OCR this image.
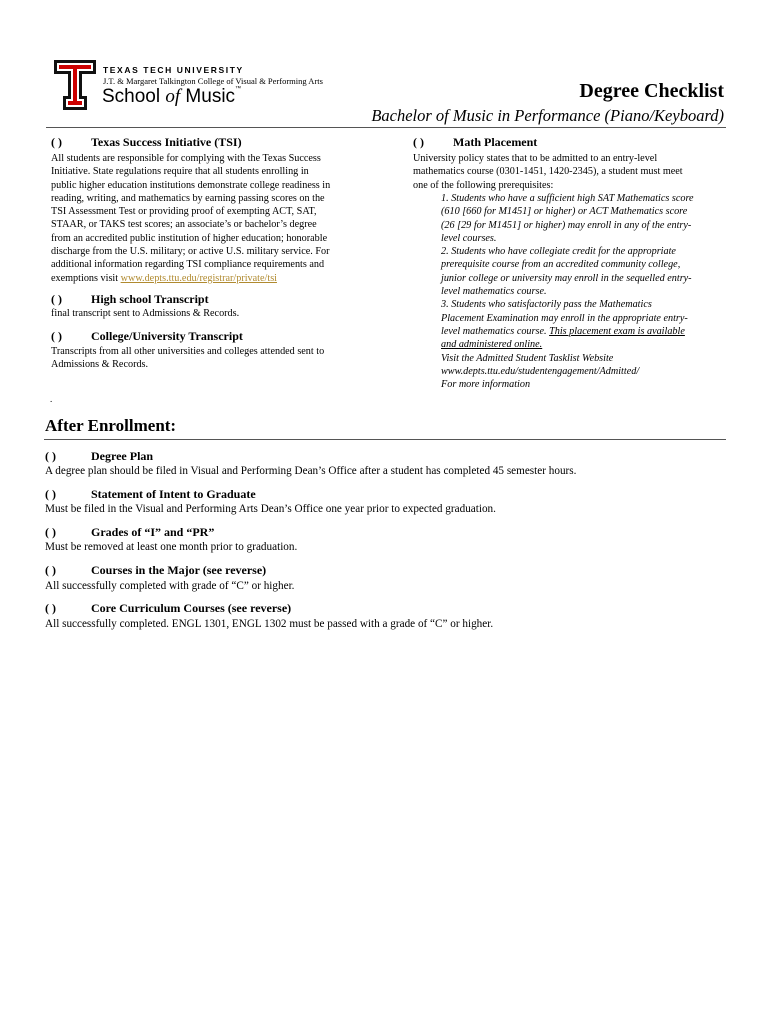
TEXAS TECH UNIVERSITY
J.T. & Margaret Talkington College of Visual & Performing Arts
School of Music™	Degree Checklist
Bachelor of Music in Performance (Piano/Keyboard)
( ) Texas Success Initiative (TSI)
All students are responsible for complying with the Texas Success
Initiative. State regulations require that all students enrolling in
public higher education institutions demonstrate college readiness in
reading, writing, and mathematics by earning passing scores on the
TSI Assessment Test or providing proof of exempting ACT, SAT,
STAAR, or TAKS test scores; an associate’s or bachelor’s degree
from an accredited public institution of higher education; honorable
discharge from the U.S. military; or active U.S. military service. For
additional information regarding TSI compliance requirements and
exemptions visit www.depts.ttu.edu/registrar/private/tsi
( ) High school Transcript
final transcript sent to Admissions & Records.
( ) College/University Transcript
Transcripts from all other universities and colleges attended sent to
Admissions & Records.
.
( ) Math Placement
University policy states that to be admitted to an entry-level
mathematics course (0301-1451, 1420-2345), a student must meet
one of the following prerequisites:
1. Students who have a sufficient high SAT Mathematics score
(610 [660 for M1451] or higher) or ACT Mathematics score
(26 [29 for M1451] or higher) may enroll in any of the entry-
level courses.
2. Students who have collegiate credit for the appropriate
prerequisite course from an accredited community college,
junior college or university may enroll in the sequelled entry-
level mathematics course.
3. Students who satisfactorily pass the Mathematics
Placement Examination may enroll in the appropriate entry-
level mathematics course. This placement exam is available
and administered online.
Visit the Admitted Student Tasklist Website
www.depts.ttu.edu/studentengagement/Admitted/
For more information
After Enrollment:
( )	Degree Plan
A degree plan should be filed in Visual and Performing Dean’s Office after a student has completed 45 semester hours.
( )	Statement of Intent to Graduate
Must be filed in the Visual and Performing Arts Dean’s Office one year prior to expected graduation.
( )	Grades of “I” and “PR”
Must be removed at least one month prior to graduation.
( )	Courses in the Major (see reverse)
All successfully completed with grade of “C” or higher.
( )	Core Curriculum Courses (see reverse)
All successfully completed. ENGL 1301, ENGL 1302 must be passed with a grade of “C” or higher.
